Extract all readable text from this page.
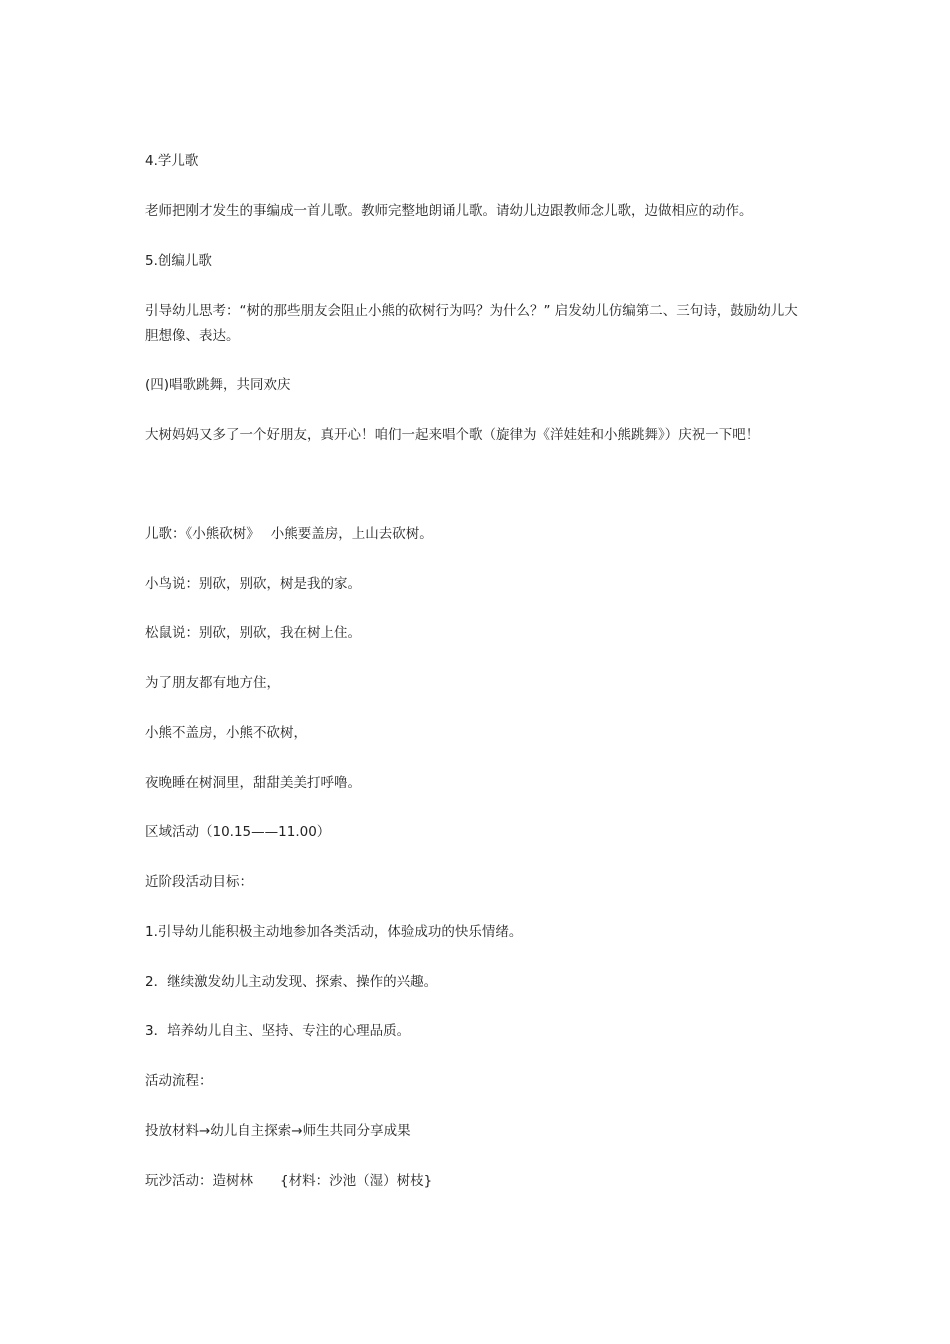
4.学儿歌

老师把刚才发生的事编成一首儿歌。教师完整地朗诵儿歌。请幼儿边跟教师念儿歌，边做相应的动作。

5.创编儿歌

引导幼儿思考：“树的那些朋友会阻止小熊的砍树行为吗？为什么？” 启发幼儿仿编第二、三句诗，鼓励幼儿大胆想像、表达。

(四)唱歌跳舞，共同欢庆

大树妈妈又多了一个好朋友，真开心！咱们一起来唱个歌（旋律为《洋娃娃和小熊跳舞》）庆祝一下吧！

儿歌：《小熊砍树》　 小熊要盖房，上山去砍树。

小鸟说：别砍，别砍，树是我的家。

松鼠说：别砍，别砍，我在树上住。

为了朋友都有地方住，

小熊不盖房，小熊不砍树，

夜晚睡在树洞里，甜甜美美打呼噜。

区域活动（10.15——11.00）

近阶段活动目标：

1.引导幼儿能积极主动地参加各类活动，体验成功的快乐情绪。

2．继续激发幼儿主动发现、探索、操作的兴趣。

3．培养幼儿自主、坚持、专注的心理品质。

活动流程：

投放材料→幼儿自主探索→师生共同分享成果

玩沙活动：造树林　　{材料：沙池（湿）树枝}
